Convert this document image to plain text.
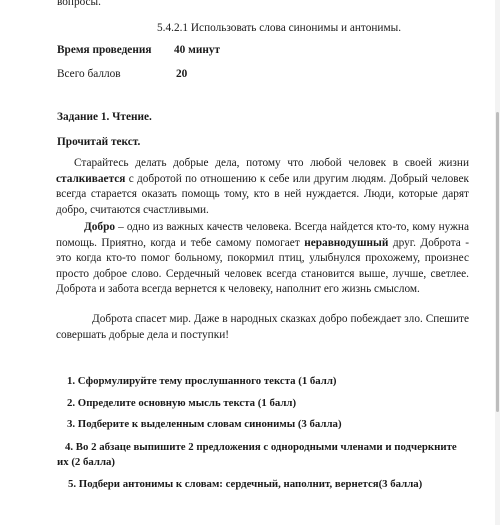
вопросы.
5.4.2.1 Использовать слова синонимы и антонимы.
Время проведения 40 минут
Всего баллов	20
Задание 1. Чтение.
Прочитай текст.
Старайтесь делать добрые дела, потому что любой человек в своей жизни сталкивается с добротой по отношению к себе или другим людям. Добрый человек всегда старается оказать помощь тому, кто в ней нуждается. Люди, которые дарят добро, считаются счастливыми.
Добро – одно из важных качеств человека. Всегда найдется кто-то, кому нужна помощь. Приятно, когда и тебе самому помогает неравнодушный друг. Доброта - это когда кто-то помог больному, покормил птиц, улыбнулся прохожему, произнес просто доброе слово. Сердечный человек всегда становится выше, лучше, светлее. Доброта и забота всегда вернется к человеку, наполнит его жизнь смыслом.
Доброта спасет мир. Даже в народных сказках добро побеждает зло. Спешите совершать добрые дела и поступки!
1. Сформулируйте тему прослушанного текста (1 балл)
2. Определите основную мысль текста (1 балл)
3. Подберите к выделенным словам синонимы (3 балла)
4. Во 2 абзаце выпишите 2 предложения с однородными членами и подчеркните их (2 балла)
5. Подбери антонимы к словам: сердечный, наполнит, вернется(3 балла)
